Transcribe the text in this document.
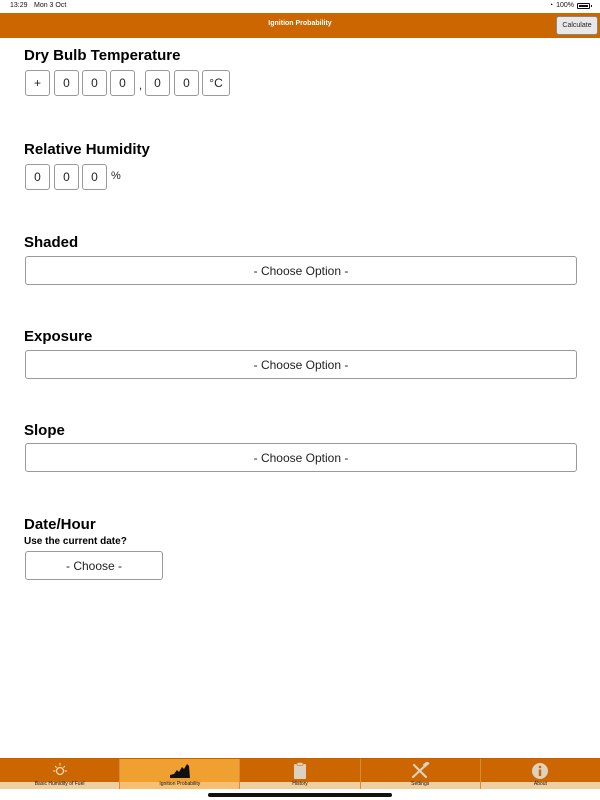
13:29 Mon 3 Oct	◔ 100%
Ignition Probability	Calculate
Dry Bulb Temperature
+	0	0	0	,	0	0	°C
Relative Humidity
0	0	0	%
Shaded
- Choose Option -
Exposure
- Choose Option -
Slope
- Choose Option -
Date/Hour
Use the current date?
- Choose -
Basic Humidity of Fuel	Ignition Probability	History	Settings	About
